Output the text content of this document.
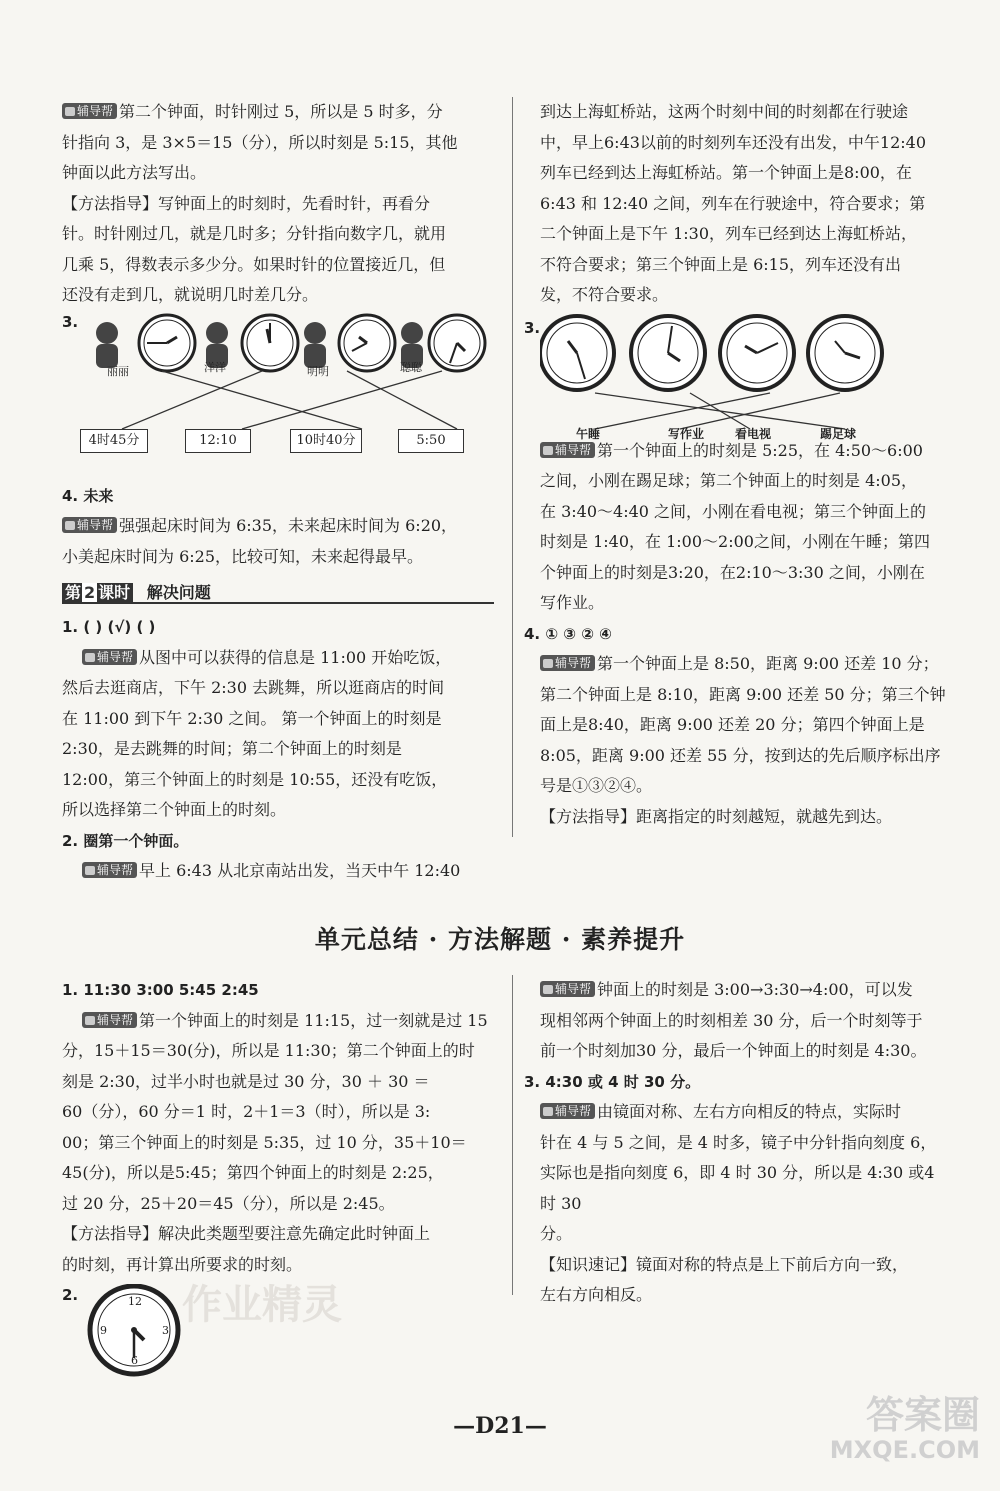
辅导帮 第二个钟面，时针刚过 5，所以是 5 时多，分
针指向 3，是 3×5＝15（分），所以时刻是 5:15，其他
钟面以此方法写出。
【方法指导】写钟面上的时刻时，先看时针，再看分
针。时针刚过几，就是几时多；分针指向数字几，就用
几乘 5，得数表示多少分。如果时针的位置接近几，但
还没有走到几，就说明几时差几分。
3.
丽丽	洋洋	明明	聪聪
4时45分	12:10	10时40分	5:50
4. 未来
辅导帮 强强起床时间为 6:35，未来起床时间为 6:20，
小美起床时间为 6:25，比较可知，未来起得最早。
第 2 课时 解决问题
1. ( ) (√) ( )
辅导帮 从图中可以获得的信息是 11:00 开始吃饭，
然后去逛商店，下午 2:30 去跳舞，所以逛商店的时间
在 11:00 到下午 2:30 之间。 第一个钟面上的时刻是
2:30，是去跳舞的时间；第二个钟面上的时刻是
12:00，第三个钟面上的时刻是 10:55，还没有吃饭，
所以选择第二个钟面上的时刻。
2. 圈第一个钟面。
辅导帮 早上 6:43 从北京南站出发，当天中午 12:40
到达上海虹桥站，这两个时刻中间的时刻都在行驶途
中，早上6:43以前的时刻列车还没有出发，中午12:40
列车已经到达上海虹桥站。第一个钟面上是8:00，在
6:43 和 12:40 之间，列车在行驶途中，符合要求；第
二个钟面上是下午 1:30，列车已经到达上海虹桥站，
不符合要求；第三个钟面上是 6:15，列车还没有出
发，不符合要求。
3.
午睡	写作业	看电视	踢足球
辅导帮 第一个钟面上的时刻是 5:25，在 4:50～6:00
之间，小刚在踢足球；第二个钟面上的时刻是 4:05，
在 3:40～4:40 之间，小刚在看电视；第三个钟面上的
时刻是 1:40，在 1:00～2:00之间，小刚在午睡；第四
个钟面上的时刻是3:20，在2:10～3:30 之间，小刚在
写作业。
4. ① ③ ② ④
辅导帮 第一个钟面上是 8:50，距离 9:00 还差 10 分；
第二个钟面上是 8:10，距离 9:00 还差 50 分；第三个钟
面上是8:40，距离 9:00 还差 20 分；第四个钟面上是
8:05，距离 9:00 还差 55 分，按到达的先后顺序标出序
号是①③②④。
【方法指导】距离指定的时刻越短，就越先到达。
单元总结 · 方法解题 · 素养提升
1. 11:30 3:00 5:45 2:45
辅导帮 第一个钟面上的时刻是 11:15，过一刻就是过 15
分，15＋15＝30(分)，所以是 11:30；第二个钟面上的时
刻是 2:30，过半小时也就是过 30 分，30 ＋ 30 ＝
60（分），60 分＝1 时，2＋1＝3（时），所以是 3:
00；第三个钟面上的时刻是 5:35，过 10 分，35＋10＝
45(分)，所以是5:45；第四个钟面上的时刻是 2:25，
过 20 分，25＋20＝45（分），所以是 2:45。
【方法指导】解决此类题型要注意先确定此时钟面上
的时刻，再计算出所要求的时刻。
2.	12
3
6
9
作业精灵
辅导帮 钟面上的时刻是 3:00→3:30→4:00，可以发
现相邻两个钟面上的时刻相差 30 分，后一个时刻等于
前一个时刻加30 分，最后一个钟面上的时刻是 4:30。
3. 4:30 或 4 时 30 分。
辅导帮 由镜面对称、左右方向相反的特点，实际时
针在 4 与 5 之间，是 4 时多，镜子中分针指向刻度 6，
实际也是指向刻度 6，即 4 时 30 分，所以是 4:30 或4 时 30
分。
【知识速记】镜面对称的特点是上下前后方向一致，
左右方向相反。
—D21—	答案圈
MXQE.COM
